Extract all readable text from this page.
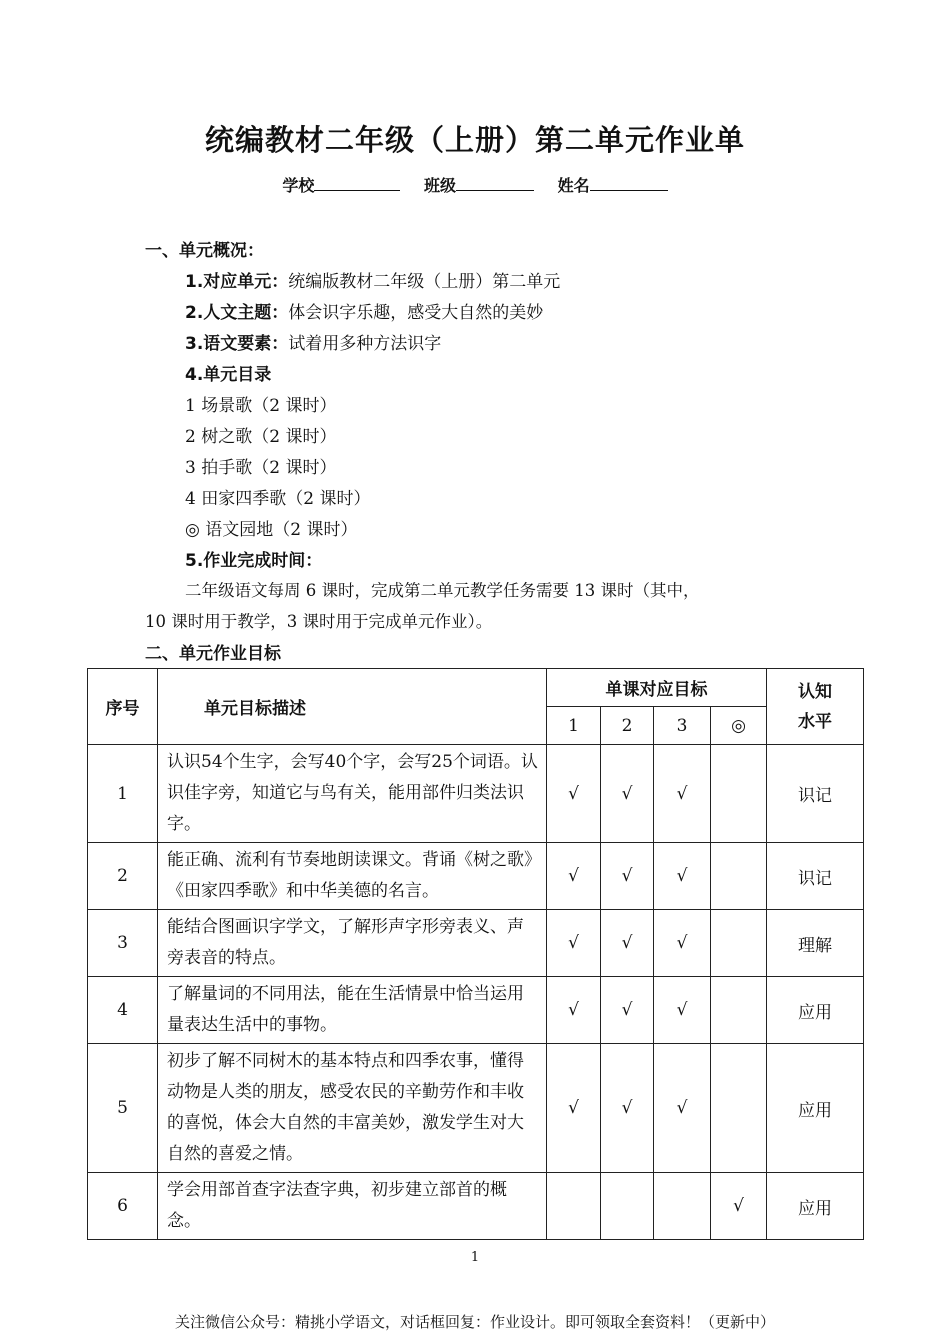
统编教材二年级（上册）第二单元作业单
学校	班级	姓名
一、单元概况：
1.对应单元：统编版教材二年级（上册）第二单元
2.人文主题：体会识字乐趣，感受大自然的美妙
3.语文要素：试着用多种方法识字
4.单元目录
1 场景歌（2 课时）
2 树之歌（2 课时）
3 拍手歌（2 课时）
4 田家四季歌（2 课时）
◎ 语文园地（2 课时）
5.作业完成时间：
二年级语文每周 6 课时，完成第二单元教学任务需要 13 课时（其中，
10 课时用于教学，3 课时用于完成单元作业）。
二、单元作业目标
序号	单元目标描述	单课对应目标				认知
水平
		1	2	3	◎	
1	认识54个生字，会写40个字，会写25个词语。认识佳字旁，知道它与鸟有关，能用部件归类法识字。	√	√	√		识记
2	能正确、流利有节奏地朗读课文。背诵《树之歌》《田家四季歌》和中华美德的名言。	√	√	√		识记
3	能结合图画识字学文，了解形声字形旁表义、声旁表音的特点。	√	√	√		理解
4	了解量词的不同用法，能在生活情景中恰当运用量表达生活中的事物。	√	√	√		应用
5	初步了解不同树木的基本特点和四季农事，懂得动物是人类的朋友，感受农民的辛勤劳作和丰收的喜悦，体会大自然的丰富美妙，激发学生对大自然的喜爱之情。	√	√	√		应用
6	学会用部首查字法查字典，初步建立部首的概念。				√	应用
1
关注微信公众号：精挑小学语文，对话框回复：作业设计。即可领取全套资料！（更新中）
